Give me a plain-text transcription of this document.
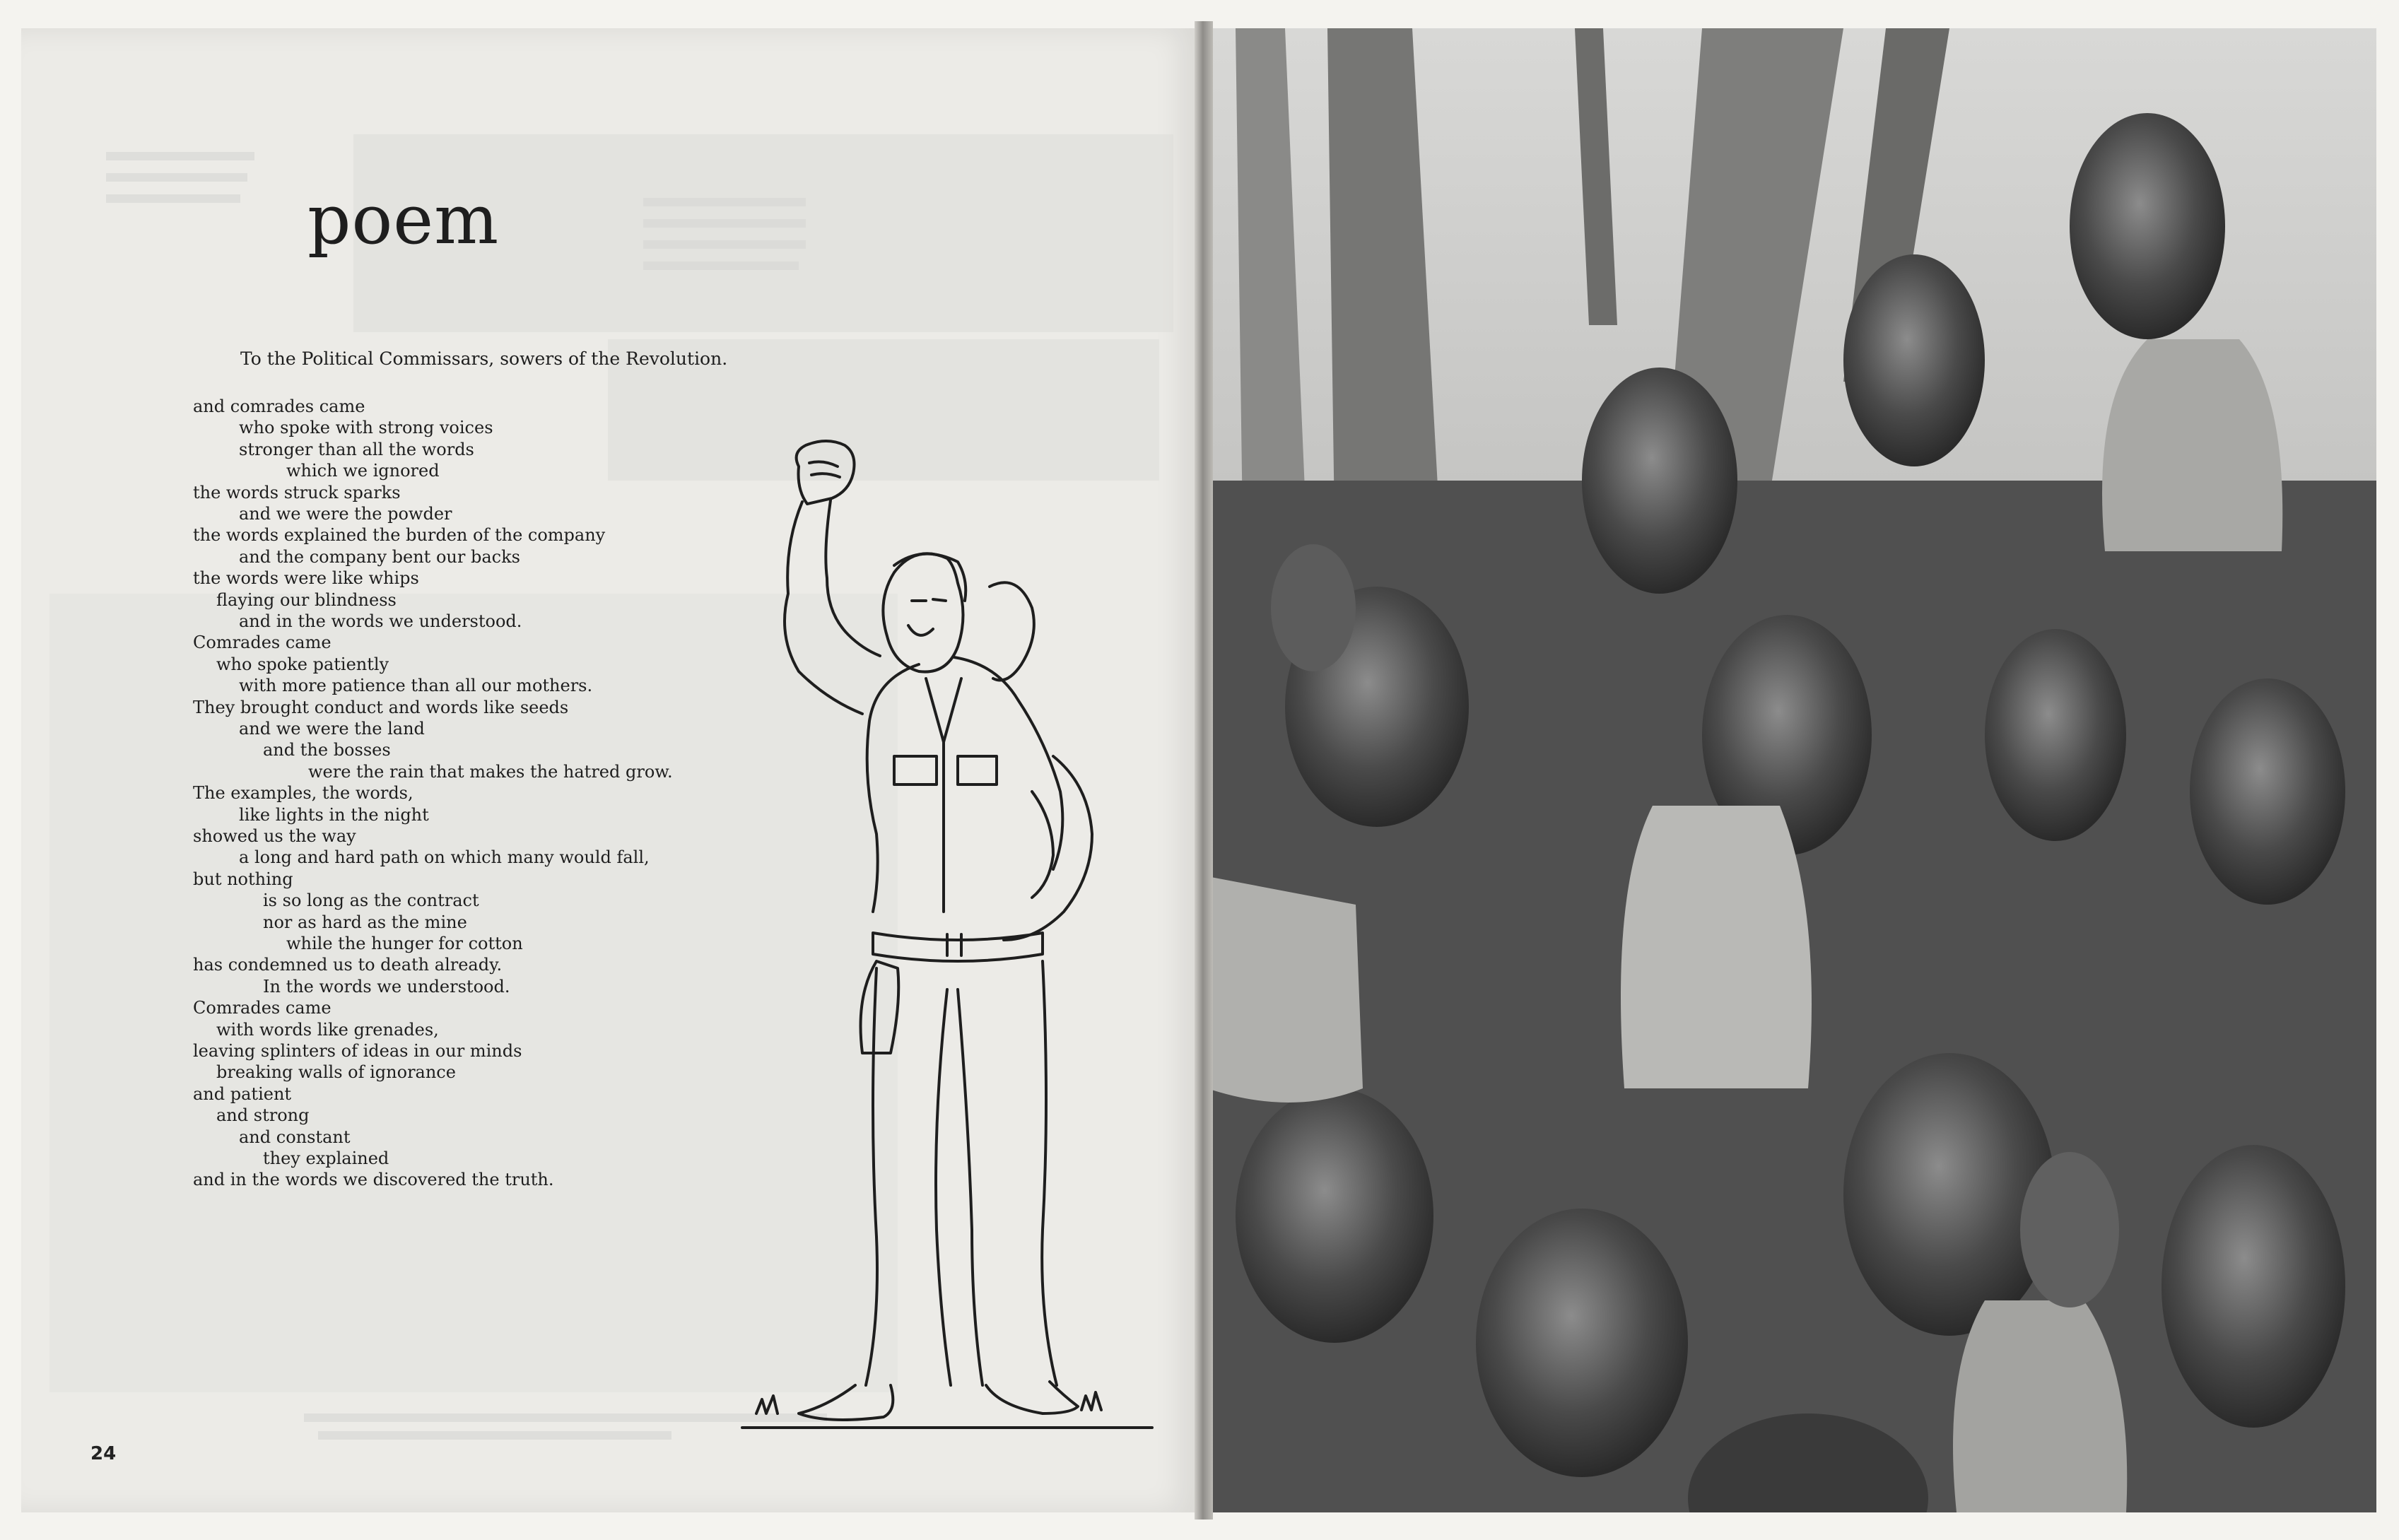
poem
To the Political Commissars, sowers of the Revolution.
and comrades came
who spoke with strong voices
stronger than all the words
which we ignored
the words struck sparks
and we were the powder
the words explained the burden of the company
and the company bent our backs
the words were like whips
flaying our blindness
and in the words we understood.
Comrades came
who spoke patiently
with more patience than all our mothers.
They brought conduct and words like seeds
and we were the land
and the bosses
were the rain that makes the hatred grow.
The examples, the words,
like lights in the night
showed us the way
a long and hard path on which many would fall,
but nothing
is so long as the contract
nor as hard as the mine
while the hunger for cotton
has condemned us to death already.
In the words we understood.
Comrades came
with words like grenades,
leaving splinters of ideas in our minds
breaking walls of ignorance
and patient
and strong
and constant
they explained
and in the words we discovered the truth.
24
